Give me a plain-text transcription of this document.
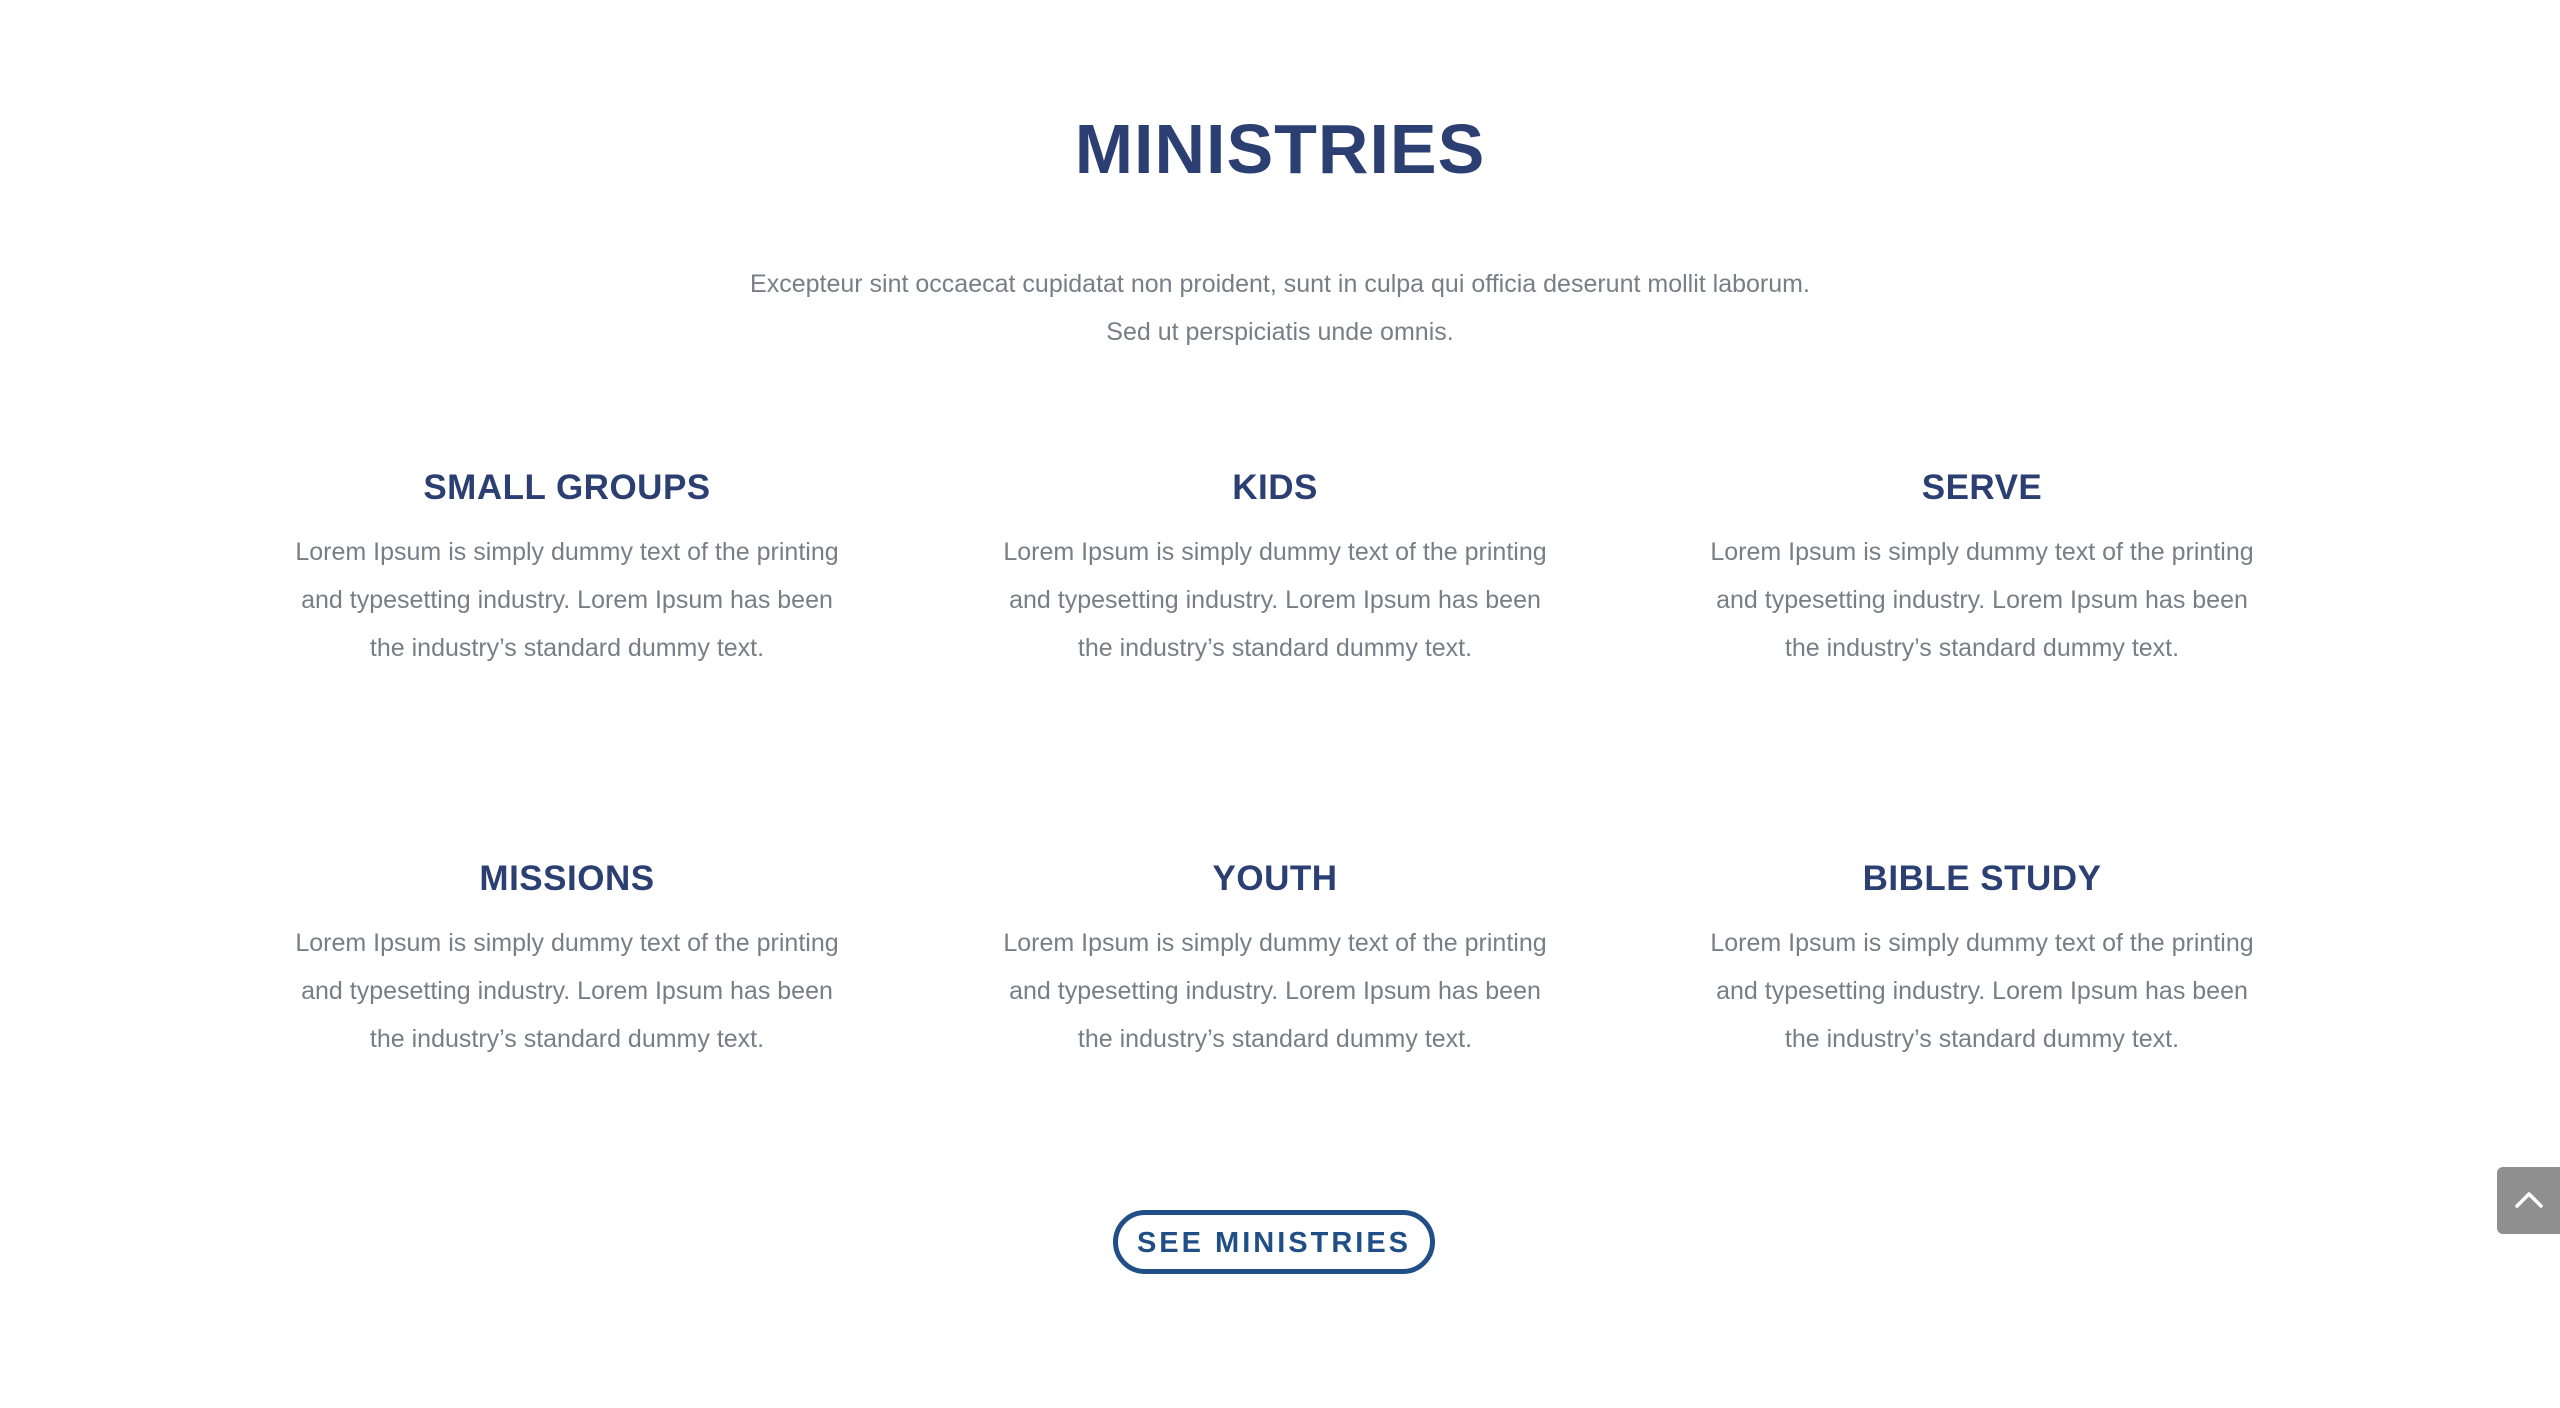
MINISTRIES

Excepteur sint occaecat cupidatat non proident, sunt in culpa qui officia deserunt mollit laborum. Sed ut perspiciatis unde omnis.

SMALL GROUPS

Lorem Ipsum is simply dummy text of the printing and typesetting industry. Lorem Ipsum has been the industry’s standard dummy text.

KIDS

Lorem Ipsum is simply dummy text of the printing and typesetting industry. Lorem Ipsum has been the industry’s standard dummy text.

SERVE

Lorem Ipsum is simply dummy text of the printing and typesetting industry. Lorem Ipsum has been the industry’s standard dummy text.

MISSIONS

Lorem Ipsum is simply dummy text of the printing and typesetting industry. Lorem Ipsum has been the industry’s standard dummy text.

YOUTH

Lorem Ipsum is simply dummy text of the printing and typesetting industry. Lorem Ipsum has been the industry’s standard dummy text.

BIBLE STUDY

Lorem Ipsum is simply dummy text of the printing and typesetting industry. Lorem Ipsum has been the industry’s standard dummy text.

SEE MINISTRIES
